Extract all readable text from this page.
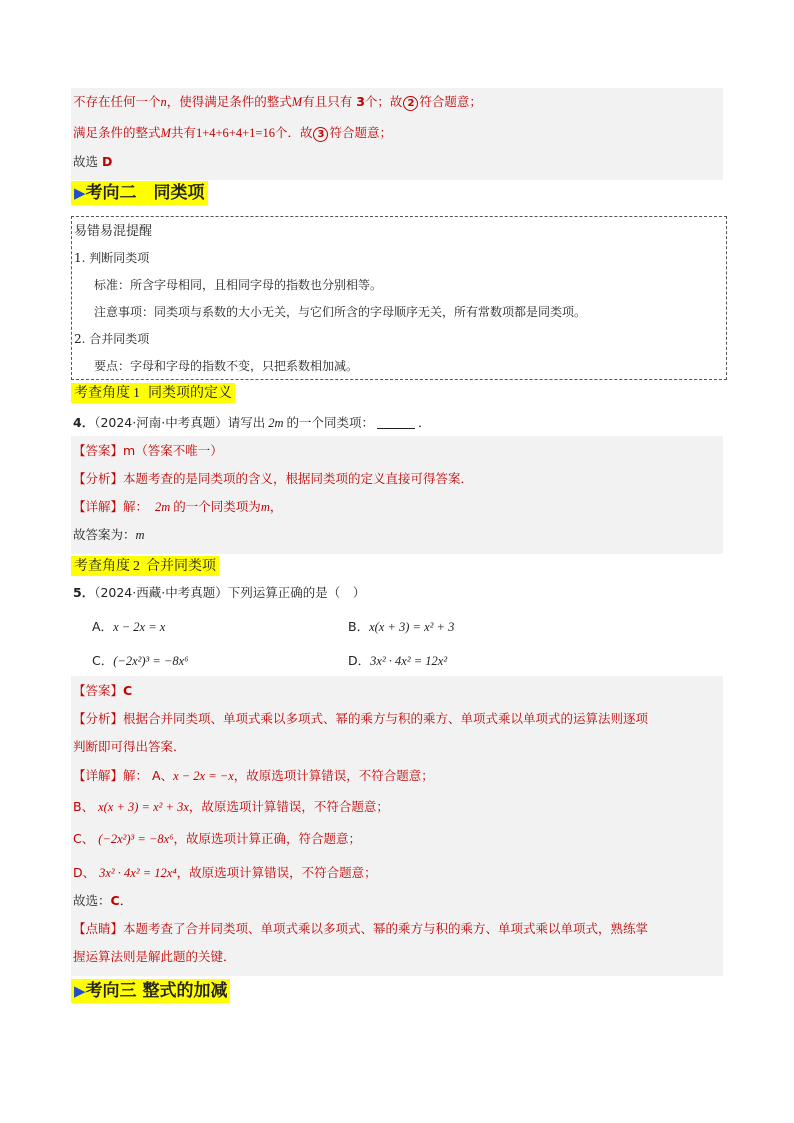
不存在任何一个n，使得满足条件的整式M有且只有 3个；故 2 符合题意；
满足条件的整式M共有1+4+6+4+1=16个．故 3 符合题意；
故选 D
▶考向二　同类项
易错易混提醒
1. 判断同类项
标准：所含字母相同，且相同字母的指数也分别相等。
注意事项：同类项与系数的大小无关，与它们所含的字母顺序无关，所有常数项都是同类项。
2. 合并同类项
要点：字母和字母的指数不变，只把系数相加减。
考查角度 1 同类项的定义
4．（2024·河南·中考真题）请写出 2m 的一个同类项：	．
【答案】m（答案不唯一）
【分析】本题考查的是同类项的含义，根据同类项的定义直接可得答案．
【详解】解： 2m 的一个同类项为m，
故答案为：m
考查角度 2 合并同类项
5．（2024·西藏·中考真题）下列运算正确的是（　）
A．x − 2x = x	B．x(x + 3) = x² + 3
C．(−2x²)³ = −8x⁶	D．3x² · 4x² = 12x²
【答案】C
【分析】根据合并同类项、单项式乘以多项式、幂的乘方与积的乘方、单项式乘以单项式的运算法则逐项
判断即可得出答案．
【详解】解： A、x − 2x = −x，故原选项计算错误，不符合题意；
B、 x(x + 3) = x² + 3x，故原选项计算错误，不符合题意；
C、 (−2x²)³ = −8x⁶，故原选项计算正确，符合题意；
D、 3x² · 4x² = 12x⁴，故原选项计算错误，不符合题意；
故选：C．
【点睛】本题考查了合并同类项、单项式乘以多项式、幂的乘方与积的乘方、单项式乘以单项式，熟练掌
握运算法则是解此题的关键．
▶考向三 整式的加减
